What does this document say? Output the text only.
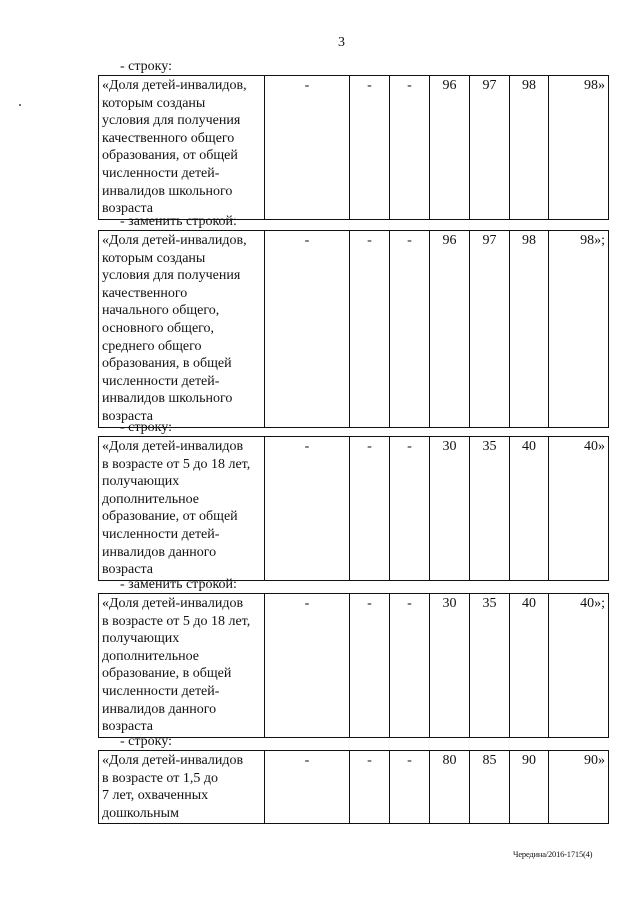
3
- строку:
«Доля детей-инвалидов,
которым созданы
условия для получения
качественного общего
образования, от общей
численности детей-
инвалидов школьного
возраста
	-	-	-	96	97	98	98»
- заменить строкой:
«Доля детей-инвалидов,
которым созданы
условия для получения
качественного
начального общего,
основного общего,
среднего общего
образования, в общей
численности детей-
инвалидов школьного
возраста
	-	-	-	96	97	98	98»;
- строку:
«Доля детей-инвалидов
в возрасте от 5 до 18 лет,
получающих
дополнительное
образование, от общей
численности детей-
инвалидов данного
возраста
	-	-	-	30	35	40	40»
- заменить строкой:
«Доля детей-инвалидов
в возрасте от 5 до 18 лет,
получающих
дополнительное
образование, в общей
численности детей-
инвалидов данного
возраста
	-	-	-	30	35	40	40»;
- строку:
«Доля детей-инвалидов
в возрасте от 1,5 до
7 лет, охваченных
дошкольным
	-	-	-	80	85	90	90»
Чередина/2016-1715(4)
